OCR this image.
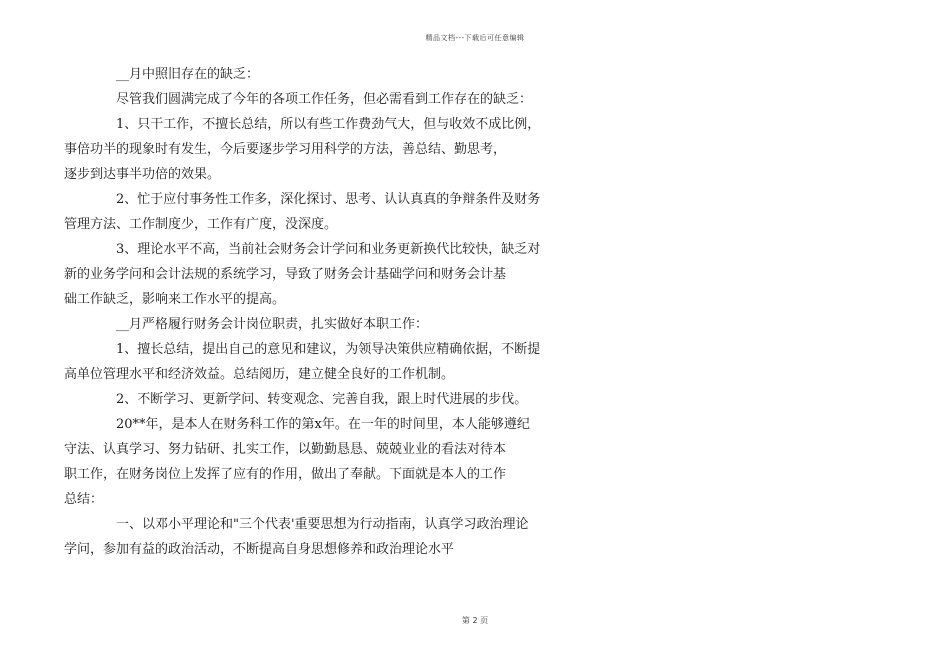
精品文档---下载后可任意编辑

__月中照旧存在的缺乏：

尽管我们圆满完成了今年的各项工作任务，但必需看到工作存在的缺乏：

1、只干工作，不擅长总结，所以有些工作费劲气大，但与收效不成比例，
事倍功半的现象时有发生，今后要逐步学习用科学的方法，善总结、勤思考，
逐步到达事半功倍的效果。

2、忙于应付事务性工作多，深化探讨、思考、认认真真的争辩条件及财务
管理方法、工作制度少，工作有广度，没深度。

3、理论水平不高，当前社会财务会计学问和业务更新换代比较快，缺乏对
新的业务学问和会计法规的系统学习，导致了财务会计基础学问和财务会计基
础工作缺乏，影响来工作水平的提高。

__月严格履行财务会计岗位职责，扎实做好本职工作：

1、擅长总结，提出自己的意见和建议，为领导决策供应精确依据，不断提
高单位管理水平和经济效益。总结阅历，建立健全良好的工作机制。

2、不断学习、更新学问、转变观念、完善自我，跟上时代进展的步伐。

20**年，是本人在财务科工作的第x年。在一年的时间里，本人能够遵纪
守法、认真学习、努力钻研、扎实工作，以勤勤恳恳、兢兢业业的看法对待本
职工作，在财务岗位上发挥了应有的作用，做出了奉献。下面就是本人的工作
总结：

一、以邓小平理论和"三个代表'重要思想为行动指南，认真学习政治理论
学问，参加有益的政治活动，不断提高自身思想修养和政治理论水平

第 2 页
